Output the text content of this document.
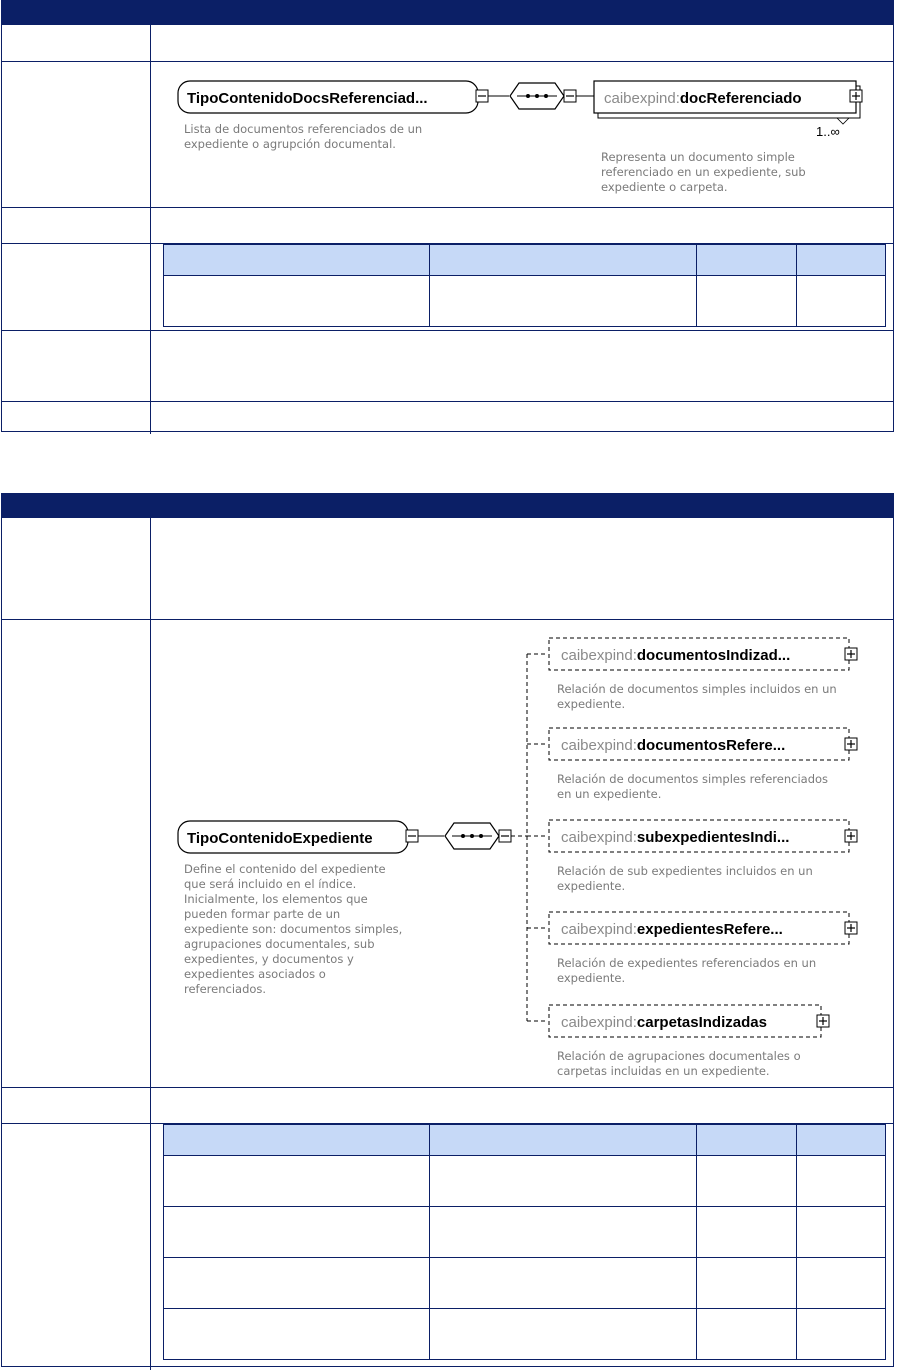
TipoContenidoDocsReferenciad...	caibexpind:docReferenciado
1..∞
Lista de documentos referenciados de un
expediente o agrupción documental.
Representa un documento simple
referenciado en un expediente, sub
expediente o carpeta.

TipoContenidoExpediente
caibexpind:documentosIndizad...
Relación de documentos simples incluidos en un
expediente.
caibexpind:documentosRefere...
Relación de documentos simples referenciados
en un expediente.
caibexpind:subexpedientesIndi...
Relación de sub expedientes incluidos en un
expediente.
caibexpind:expedientesRefere...
Relación de expedientes referenciados en un
expediente.
caibexpind:carpetasIndizadas
Relación de agrupaciones documentales o
carpetas incluidas en un expediente.
Define el contenido del expediente
que será incluido en el índice.
Inicialmente, los elementos que
pueden formar parte de un
expediente son: documentos simples,
agrupaciones documentales, sub
expedientes, y documentos y
expedientes asociados o
referenciados.
